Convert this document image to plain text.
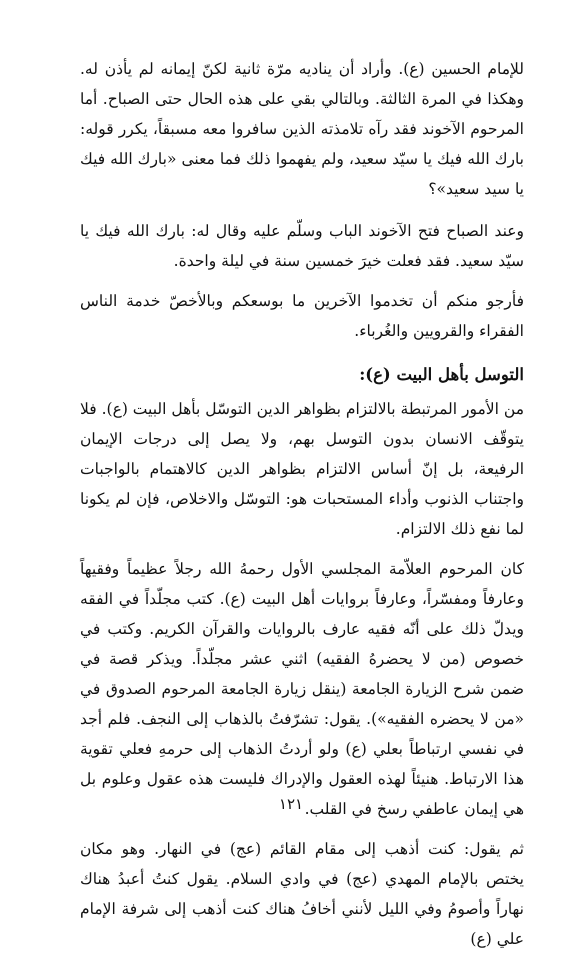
للإمام الحسين (ع). وأراد أن يناديه مرّة ثانية لكنّ إيمانه لم يأذن له. وهكذا في المرة الثالثة. وبالتالي بقي على هذه الحال حتى الصباح. أما المرحوم الآخوند فقد رآه تلامذته الذين سافروا معه مسبقاً، يكرر قوله: بارك الله فيك يا سيّد سعيد، ولم يفهموا ذلك فما معنى «بارك الله فيك يا سيد سعيد»؟

وعند الصباح فتح الآخوند الباب وسلّم عليه وقال له: بارك الله فيك يا سيّد سعيد. فقد فعلت خيرَ خمسين سنة في ليلة واحدة.

فأرجو منكم أن تخدموا الآخرين ما بوسعكم وبالأخصّ خدمة الناس الفقراء والقرويين والغُرباء.

التوسل بأهل البيت (ع):

من الأمور المرتبطة بالالتزام بظواهر الدين التوسّل بأهل البيت (ع). فلا يتوقّف الانسان بدون التوسل بهم، ولا يصل إلى درجات الإيمان الرفيعة، بل إنّ أساس الالتزام بظواهر الدين كالاهتمام بالواجبات واجتناب الذنوب وأداء المستحبات هو: التوسّل والاخلاص، فإن لم يكونا لما نفع ذلك الالتزام.

كان المرحوم العلاّمة المجلسي الأول رحمهُ الله رجلاً عظيماً وفقيهاً وعارفاً ومفسّراً، وعارفاً بروايات أهل البيت (ع). كتب مجلّداً في الفقه ويدلّ ذلك على أنّه فقيه عارف بالروايات والقرآن الكريم. وكتب في خصوص (من لا يحضرهُ الفقيه) اثني عشر مجلّداً. ويذكر قصة في ضمن شرح الزيارة الجامعة (ينقل زيارة الجامعة المرحوم الصدوق في «من لا يحضره الفقيه»). يقول: تشرّفتُ بالذهاب إلى النجف. فلم أجد في نفسي ارتباطاً بعلي (ع) ولو أردتُ الذهاب إلى حرمهِ فعلي تقوية هذا الارتباط. هنيئاً لهذه العقول والإدراك فليست هذه عقول وعلوم بل هي إيمان عاطفي رسخ في القلب.

ثم يقول: كنت أذهب إلى مقام القائم (عج) في النهار. وهو مكان يختص بالإمام المهدي (عج) في وادي السلام. يقول كنتُ أعبدُ هناك نهاراً وأصومُ وفي الليل لأنني أخافُ هناك كنت أذهب إلى شرفة الإمام علي (ع)

١٢١
